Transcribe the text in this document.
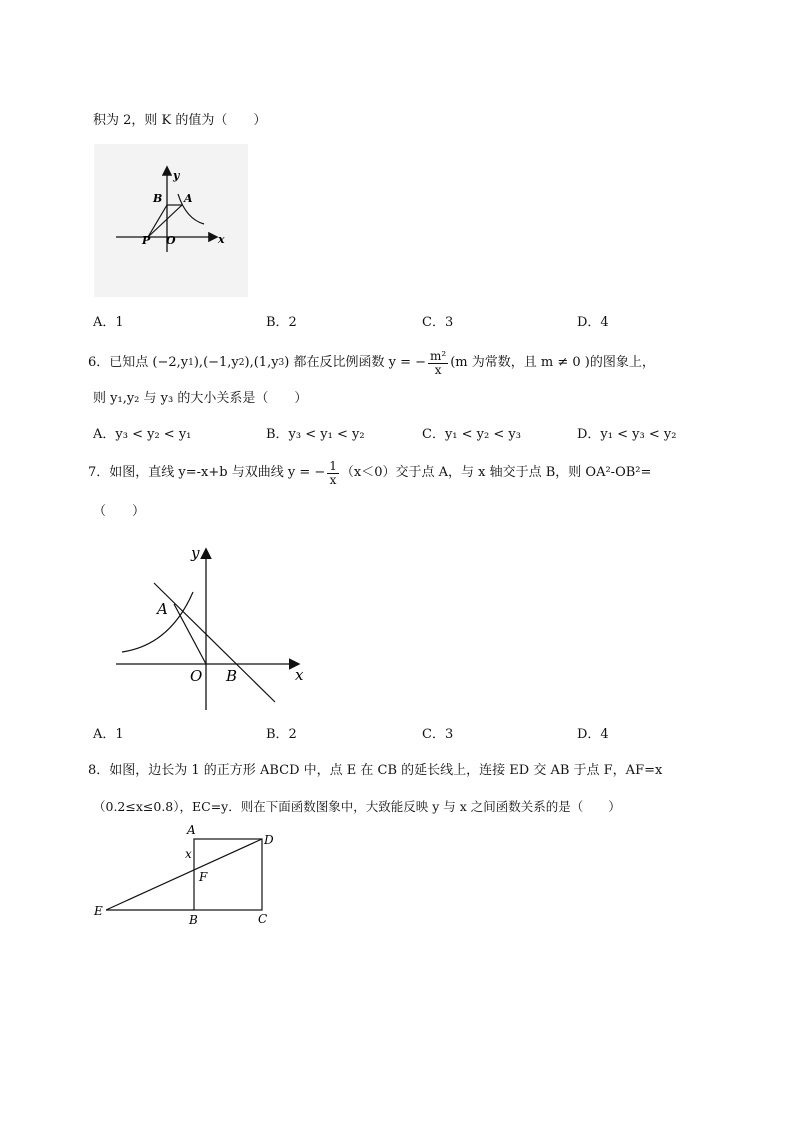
积为 2，则 K 的值为（　　）
y
x
B A
P O
A．1	B．2	C．3	D．4
6．已知点 (−2,y 1 ),(−1,y 2 ),(1,y 3 ) 都在反比例函数 y = − $\frac{\text{m²}}{x} (m$ 为常数，且 m ≠ 0 )的图象上，
则 y₁,y₂ 与 y₃ 的大小关系是（　　）
A．y₃ < y₂ < y₁	B．y₃ < y₁ < y₂	C．y₁ < y₂ < y₃	D．y₁ < y₃ < y₂
7．如图，直线 y=-x+b 与双曲线 y = − $\frac{1}{x} (x<0)$交于点 A，与 x 轴交于点 B，则 OA²-OB²=
（　　）
y
x
A
O B
A．1	B．2	C．3	D．4
8．如图，边长为 1 的正方形 ABCD 中，点 E 在 CB 的延长线上，连接 ED 交 AB 于点 F，AF=x
（0.2≤x≤0.8），EC=y．则在下面函数图象中，大致能反映 y 与 x 之间函数关系的是（　　）
A
D
x
F
E
B	C
